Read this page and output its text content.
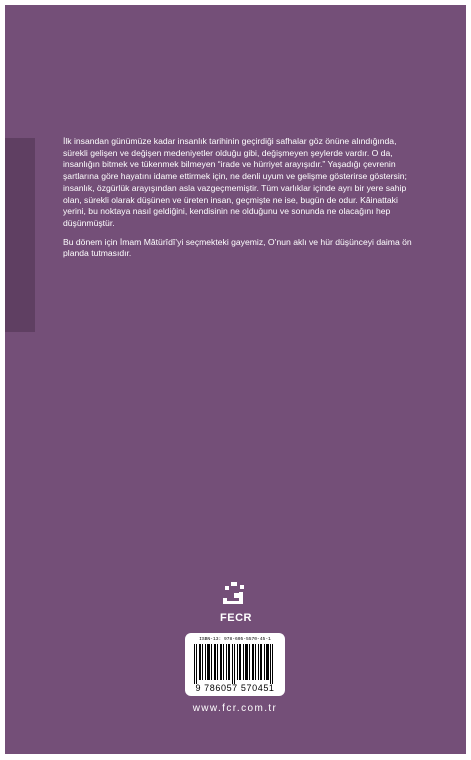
İlk insandan günümüze kadar insanlık tarihinin geçirdiği safhalar göz önüne alındığında, sürekli gelişen ve değişen medeniyetler olduğu gibi, değişmeyen şeylerde vardır. O da, insanlığın bitmek ve tükenmek bilmeyen “irade ve hürriyet arayışıdır.” Yaşadığı çevrenin şartlarına göre hayatını idame ettirmek için, ne denli uyum ve gelişme gösterirse göstersin; insanlık, özgürlük arayışından asla vazgeçmemiştir. Tüm varlıklar içinde ayrı bir yere sahip olan, sürekli olarak düşünen ve üreten insan, geçmişte ne ise, bugün de odur. Kâinattaki yerini, bu noktaya nasıl geldiğini, kendisinin ne olduğunu ve sonunda ne olacağını hep düşünmüştür.

Bu dönem için İmam Mâtürîdî’yi seçmekteki gayemiz, O’nun aklı ve hür düşünceyi daima ön planda tutmasıdır.

FECR
ISBN-13: 978-605-5570-45-1
9 786057 570451
www.fcr.com.tr
